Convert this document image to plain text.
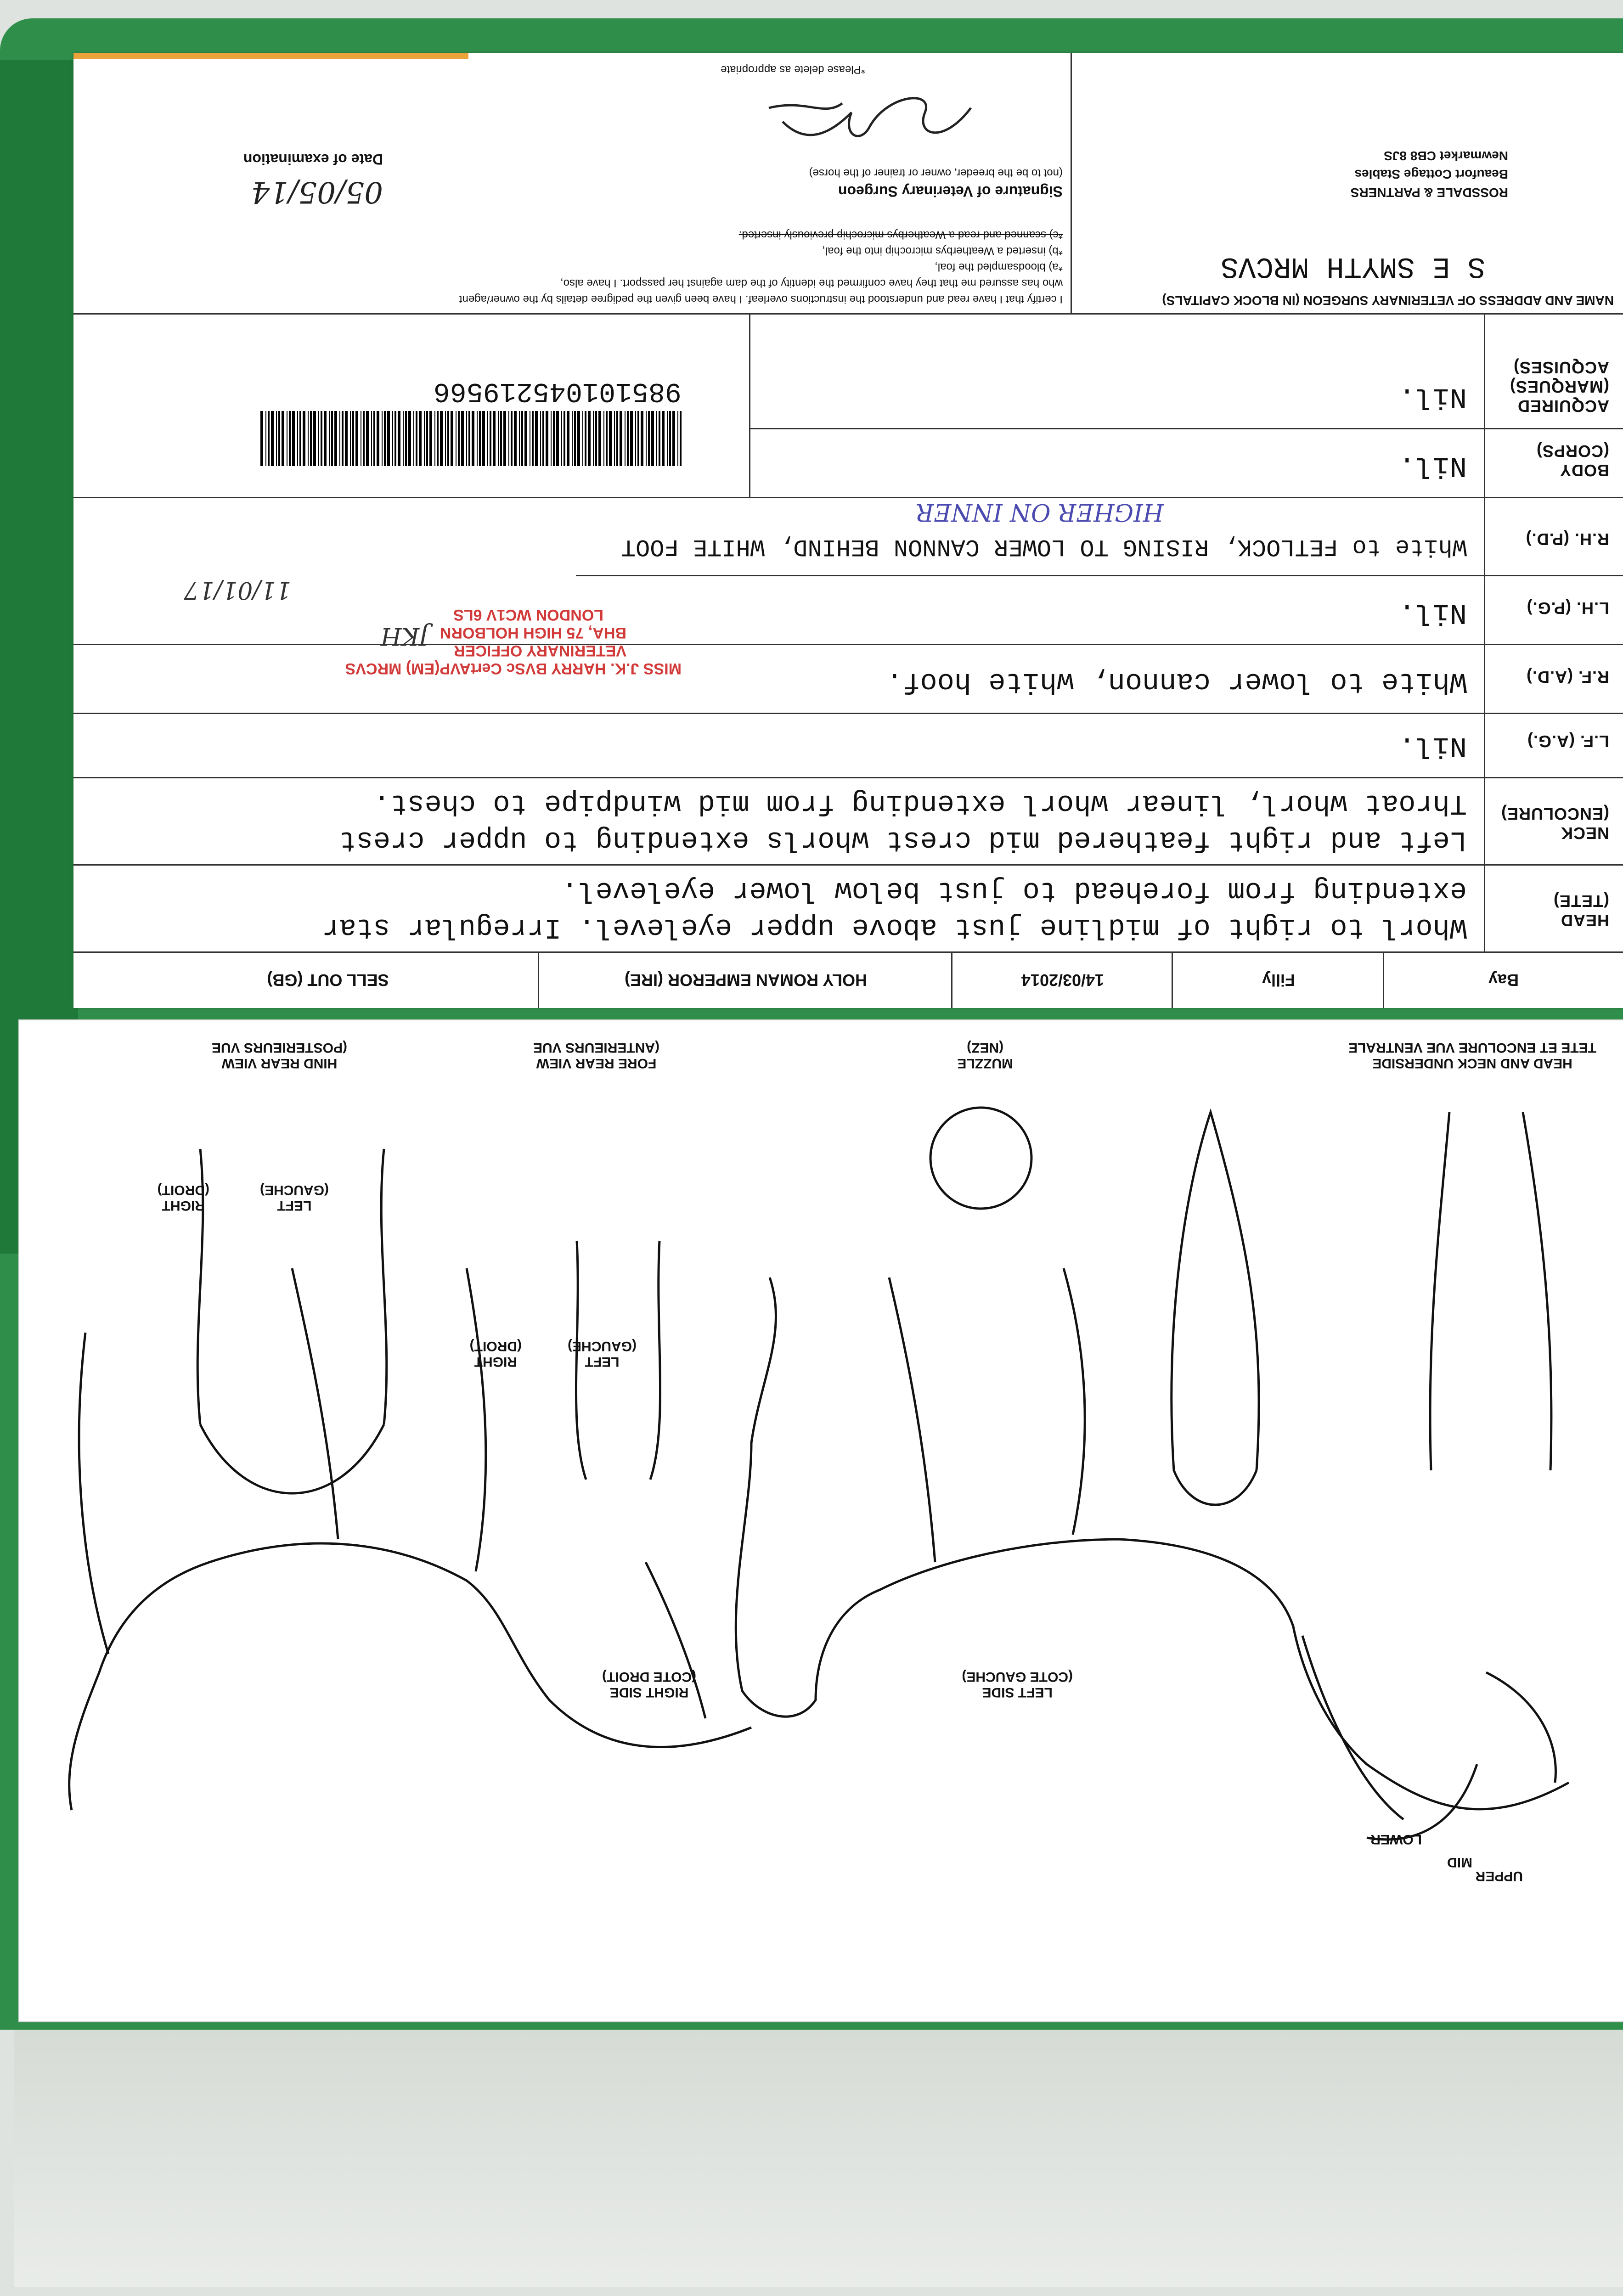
RIGHT SIDE
(COTE DROIT)
LEFT SIDE
(COTE GAUCHE)
FORE REAR VIEW
(ANTERIEURS VUE
HIND REAR VIEW
(POSTERIEURS VUE
MUZZLE
(NEZ)
HEAD AND NECK UNDERSIDE
TETE ET ENCOLURE VUE VENTRALE
LEFT
(GAUCHE)
RIGHT
(DROIT)
LEFT
(GAUCHE)
RIGHT
(DROIT)
UPPER
MID
LOWER
Bay
Filly
14/03/2014
HOLY ROMAN EMPEROR (IRE)
SELL OUT (GB)
HEAD
(TETE)
Whorl to right of midline just above upper eyelevel. Irregular star
extending from forehead to just below lower eyelevel.
NECK
(ENCOLURE)
Left and right feathered mid crest whorls extending to upper crest
Throat whorl, linear whorl extending from mid windpipe to chest.
L.F. (A.G.)
Nil.
R.F. (A.D.)
White to lower cannon, white hoof.
L.H. (P.G.)
Nil.
R.H. (P.D.)
White to FETLOCK, RISING TO LOWER CANNON BEHIND, WHITE FOOT
HIGHER ON INNER
BODY
(CORPS)
Nil.
ACQUIRED
(MARQUES) ACQUISES)
Nil.
985101045219566
MISS J.K. HARRY BVSc CertAVP(EM) MRCVS
VETERINARY OFFICER
BHA, 75 HIGH HOLBORN
LONDON WC1V 6LS
JKH
11/01/17
NAME AND ADDRESS OF VETERINARY SURGEON (IN BLOCK CAPITALS)
S E SMYTH MRCVS
ROSSDALE & PARTNERS
Beaufort Cottage Stables
Newmarket CB8 8JS
I certify that I have read and understood the instructions overleaf. I have been given the pedigree details by the owner/agent
who has assured me that they have confirmed the identity of the dam against her passport. I have also,
*a) bloodsampled the foal,
*b) inserted a Weatherbys microchip into the foal,
*c) scanned and read a Weatherbys microchip previously inserted.
Signature of Veterinary Surgeon
(not to be the breeder, owner or trainer of the horse)
*Please delete as appropriate
05/05/14
Date of examination
